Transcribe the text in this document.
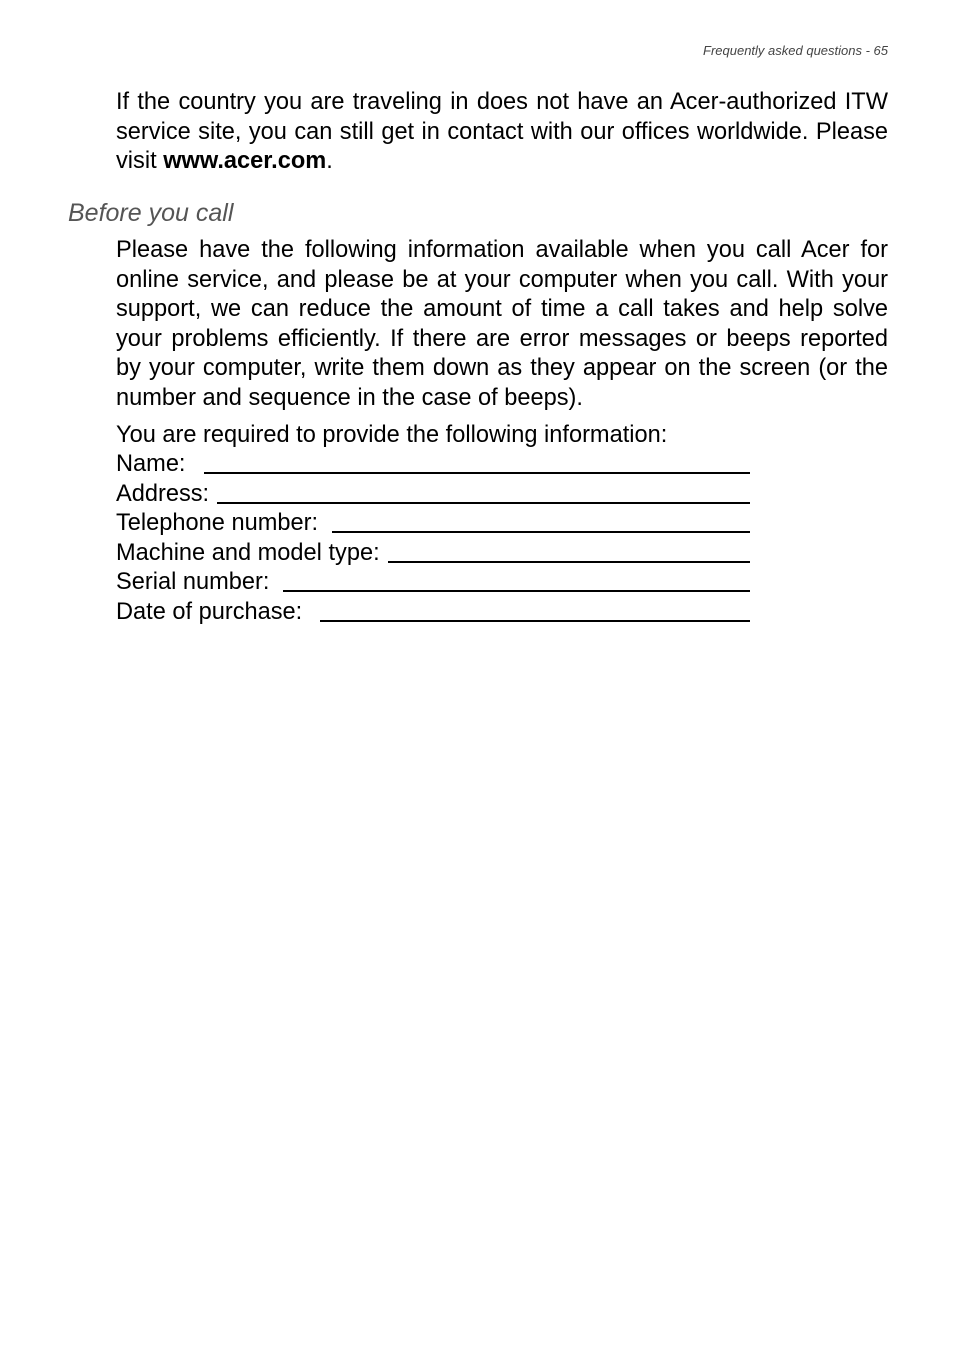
Frequently asked questions - 65

If the country you are traveling in does not have an Acer-authorized ITW service site, you can still get in contact with our offices worldwide. Please visit www.acer.com.

Before you call

Please have the following information available when you call Acer for online service, and please be at your computer when you call. With your support, we can reduce the amount of time a call takes and help solve your problems efficiently. If there are error messages or beeps reported by your computer, write them down as they appear on the screen (or the number and sequence in the case of beeps).

You are required to provide the following information:

Name:
Address:
Telephone number:
Machine and model type:
Serial number:
Date of purchase:
